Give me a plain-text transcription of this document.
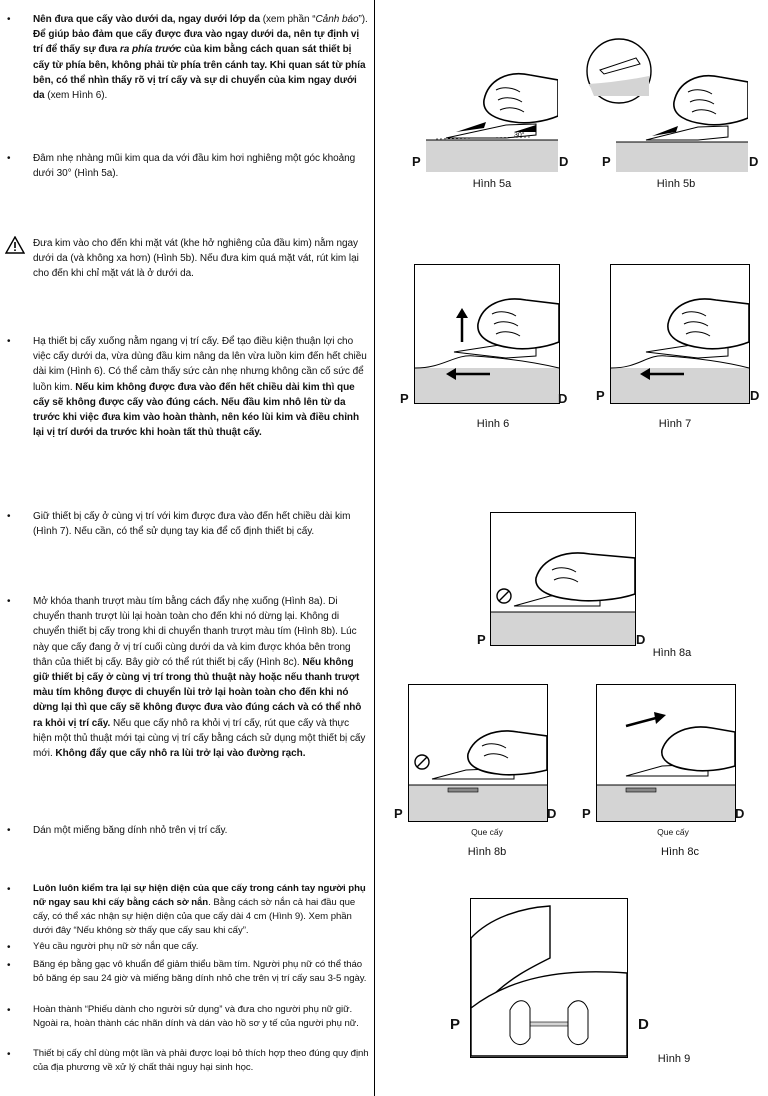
• Nên đưa que cấy vào dưới da, ngay dưới lớp da (xem phần “Cảnh báo”). Để giúp bảo đảm que cấy được đưa vào ngay dưới da, nên tự định vị trí để thấy sự đưa ra phía trước của kim bằng cách quan sát thiết bị cấy từ phía bên, không phải từ phía trên cánh tay. Khi quan sát từ phía bên, có thể nhìn thấy rõ vị trí cấy và sự di chuyển của kim ngay dưới da (xem Hình 6).
• Đâm nhẹ nhàng mũi kim qua da với đầu kim hơi nghiêng một góc khoảng dưới 30° (Hình 5a).
Đưa kim vào cho đến khi mặt vát (khe hở nghiêng của đầu kim) nằm ngay dưới da (và không xa hơn) (Hình 5b). Nếu đưa kim quá mặt vát, rút kim lại cho đến khi chỉ mặt vát là ở dưới da.
• Hạ thiết bị cấy xuống nằm ngang vị trí cấy. Để tạo điều kiện thuận lợi cho việc cấy dưới da, vừa dùng đầu kim nâng da lên vừa luồn kim đến hết chiều dài kim (Hình 6). Có thể cảm thấy sức cản nhẹ nhưng không cần cố sức để luồn kim. Nếu kim không được đưa vào đến hết chiều dài kim thì que cấy sẽ không được cấy vào đúng cách. Nếu đầu kim nhô lên từ da trước khi việc đưa kim vào hoàn thành, nên kéo lùi kim và điều chỉnh lại vị trí dưới da trước khi hoàn tất thủ thuật cấy.
• Giữ thiết bị cấy ở cùng vị trí với kim được đưa vào đến hết chiều dài kim (Hình 7). Nếu cần, có thể sử dụng tay kia để cố định thiết bị cấy.
• Mở khóa thanh trượt màu tím bằng cách đẩy nhẹ xuống (Hình 8a). Di chuyển thanh trượt lùi lại hoàn toàn cho đến khi nó dừng lại. Không di chuyển thiết bị cấy trong khi di chuyển thanh trượt màu tím (Hình 8b). Lúc này que cấy đang ở vị trí cuối cùng dưới da và kim được khóa bên trong thân của thiết bị cấy. Bây giờ có thể rút thiết bị cấy (Hình 8c). Nếu không giữ thiết bị cấy ở cùng vị trí trong thủ thuật này hoặc nếu thanh trượt màu tím không được di chuyển lùi trở lại hoàn toàn cho đến khi nó dừng lại thì que cấy sẽ không được đưa vào đúng cách và có thể nhô ra khỏi vị trí cấy. Nếu que cấy nhô ra khỏi vị trí cấy, rút que cấy và thực hiện một thủ thuật mới tại cùng vị trí cấy bằng cách sử dụng một thiết bị cấy mới. Không đẩy que cấy nhô ra lùi trở lại vào đường rạch.
• Dán một miếng băng dính nhỏ trên vị trí cấy.
• Luôn luôn kiểm tra lại sự hiện diện của que cấy trong cánh tay người phụ nữ ngay sau khi cấy bằng cách sờ nắn. Bằng cách sờ nắn cả hai đầu que cấy, có thể xác nhận sự hiện diện của que cấy dài 4 cm (Hình 9). Xem phần dưới đây “Nếu không sờ thấy que cấy sau khi cấy”.
• Yêu cầu người phụ nữ sờ nắn que cấy.
• Băng ép bằng gạc vô khuẩn để giảm thiểu bầm tím. Người phụ nữ có thể tháo bỏ băng ép sau 24 giờ và miếng băng dính nhỏ che trên vị trí cấy sau 3-5 ngày.
• Hoàn thành “Phiếu dành cho người sử dụng” và đưa cho người phụ nữ giữ. Ngoài ra, hoàn thành các nhãn dính và dán vào hồ sơ y tế của người phụ nữ.
• Thiết bị cấy chỉ dùng một lần và phải được loại bỏ thích hợp theo đúng quy định của địa phương về xử lý chất thải nguy hại sinh học.
30°
P	D
Hình 5a
P	D
Hình 5b
P	D
Hình 6
P	D
Hình 7
P	D
Hình 8a
P	D
Que cấy
Hình 8b
P	D
Que cấy
Hình 8c
P	D
Hình 9
